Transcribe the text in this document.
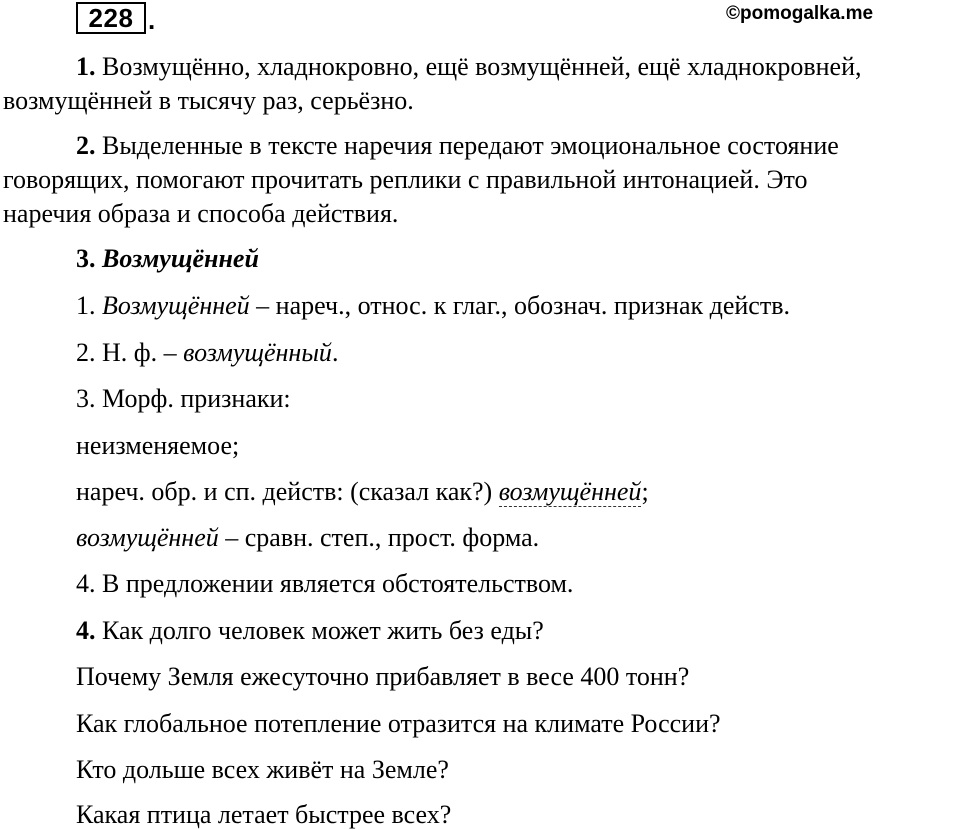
228 .	©pomogalka.me
1. Возмущённо, хладнокровно, ещё возмущённей, ещё хладнокровней,
возмущённей в тысячу раз, серьёзно.
2. Выделенные в тексте наречия передают эмоциональное состояние
говорящих, помогают прочитать реплики с правильной интонацией. Это
наречия образа и способа действия.
3. Возмущённей
1. Возмущённей – нареч., относ. к глаг., обознач. признак действ.
2. Н. ф. – возмущённый.
3. Морф. признаки:
неизменяемое;
нареч. обр. и сп. действ: (сказал как?) возмущённей;
возмущённей – сравн. степ., прост. форма.
4. В предложении является обстоятельством.
4. Как долго человек может жить без еды?
Почему Земля ежесуточно прибавляет в весе 400 тонн?
Как глобальное потепление отразится на климате России?
Кто дольше всех живёт на Земле?
Какая птица летает быстрее всех?
